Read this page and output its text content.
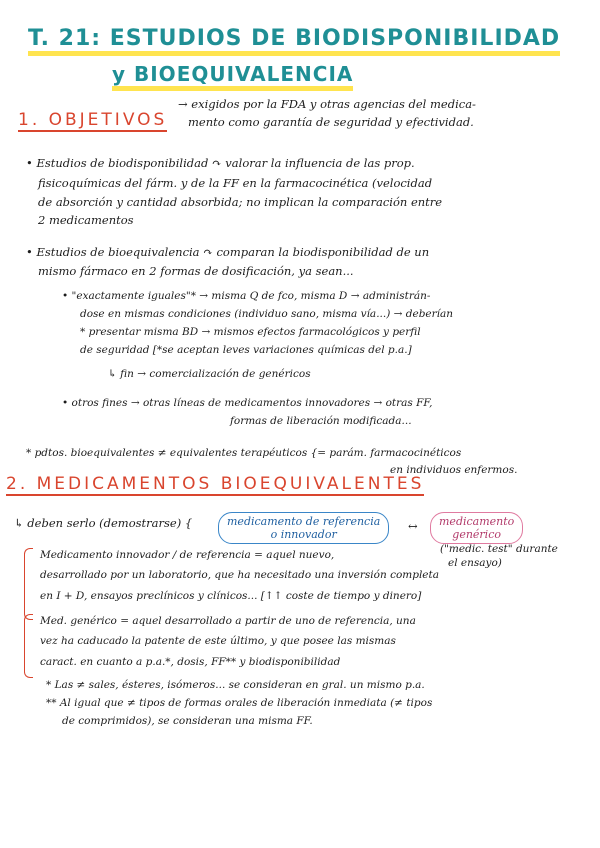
T. 21: ESTUDIOS DE BIODISPONIBILIDAD
y BIOEQUIVALENCIA
1. OBJETIVOS
→ exigidos por la FDA y otras agencias del medica-
mento como garantía de seguridad y efectividad.
• Estudios de biodisponibilidad ↷ valorar la influencia de las prop.
fisicoquímicas del fárm. y de la FF en la farmacocinética (velocidad
de absorción y cantidad absorbida; no implican la comparación entre
2 medicamentos
• Estudios de bioequivalencia ↷ comparan la biodisponibilidad de un
mismo fármaco en 2 formas de dosificación, ya sean...
• "exactamente iguales"* → misma Q de fco, misma D → administrán-
dose en mismas condiciones (individuo sano, misma vía...) → deberían
* presentar misma BD → mismos efectos farmacológicos y perfil
de seguridad [*se aceptan leves variaciones químicas del p.a.]
↳ fin → comercialización de genéricos
• otros fines → otras líneas de medicamentos innovadores → otras FF,
formas de liberación modificada...
* pdtos. bioequivalentes ≠ equivalentes terapéuticos {= parám. farmacocinéticos
en individuos enfermos.
2. MEDICAMENTOS BIOEQUIVALENTES
↳ deben serlo (demostrarse) {	medicamento de referencia
o innovador
↔ medicamento
genérico
("medic. test" durante
el ensayo)
Medicamento innovador / de referencia = aquel nuevo,
desarrollado por un laboratorio, que ha necesitado una inversión completa
en I + D, ensayos preclínicos y clínicos... [↑↑ coste de tiempo y dinero]
Med. genérico = aquel desarrollado a partir de uno de referencia, una
vez ha caducado la patente de este último, y que posee las mismas
caract. en cuanto a p.a.*, dosis, FF** y biodisponibilidad
* Las ≠ sales, ésteres, isómeros... se consideran en gral. un mismo p.a.
** Al igual que ≠ tipos de formas orales de liberación inmediata (≠ tipos
de comprimidos), se consideran una misma FF.
